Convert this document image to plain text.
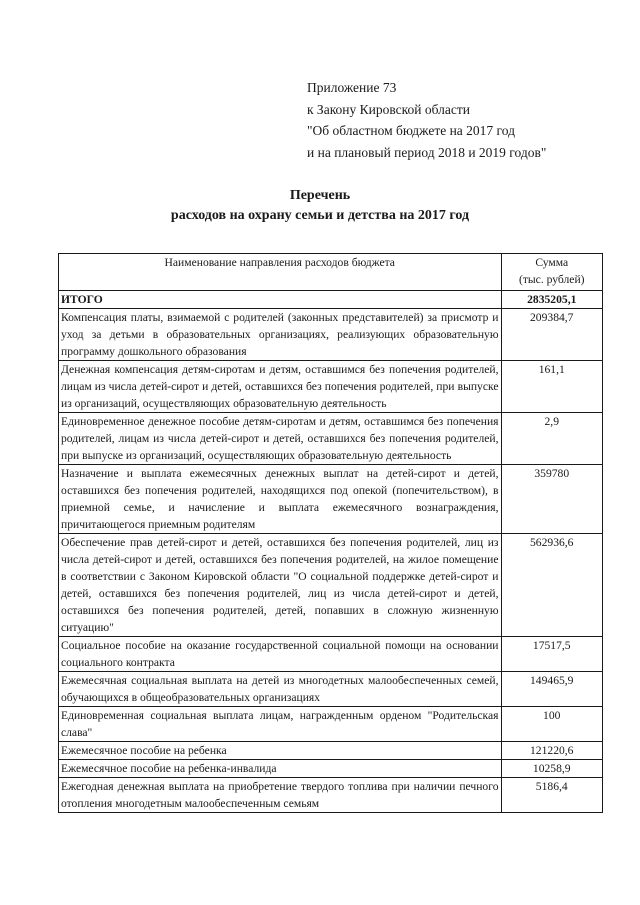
Приложение 73
к Закону Кировской области
"Об областном бюджете на 2017 год
и на плановый период 2018 и 2019 годов"
Перечень
расходов на охрану семьи и детства на 2017 год
Наименование направления расходов бюджета	Сумма
(тыс. рублей)

ИТОГО	2835205,1
Компенсация платы, взимаемой с родителей (законных представителей) за присмотр и уход за детьми в образовательных организациях, реализующих образовательную программу дошкольного образования	209384,7
Денежная компенсация детям-сиротам и детям, оставшимся без попечения родителей, лицам из числа детей-сирот и детей, оставшихся без попечения родителей, при выпуске из организаций, осуществляющих образовательную деятельность	161,1
Единовременное денежное пособие детям-сиротам и детям, оставшимся без попечения родителей, лицам из числа детей-сирот и детей, оставшихся без попечения родителей, при выпуске из организаций, осуществляющих образовательную деятельность	2,9
Назначение и выплата ежемесячных денежных выплат на детей-сирот и детей, оставшихся без попечения родителей, находящихся под опекой (попечительством), в приемной семье, и начисление и выплата ежемесячного вознаграждения, причитающегося приемным родителям	359780
Обеспечение прав детей-сирот и детей, оставшихся без попечения родителей, лиц из числа детей-сирот и детей, оставшихся без попечения родителей, на жилое помещение в соответствии с Законом Кировской области "О социальной поддержке детей-сирот и детей, оставшихся без попечения родителей, лиц из числа детей-сирот и детей, оставшихся без попечения родителей, детей, попавших в сложную жизненную ситуацию"	562936,6
Социальное пособие на оказание государственной социальной помощи на основании социального контракта	17517,5
Ежемесячная социальная выплата на детей из многодетных малообеспеченных семей, обучающихся в общеобразовательных организациях	149465,9
Единовременная социальная выплата лицам, награжденным орденом "Родительская слава"	100
Ежемесячное пособие на ребенка	121220,6
Ежемесячное пособие на ребенка-инвалида	10258,9
Ежегодная денежная выплата на приобретение твердого топлива при наличии печного отопления многодетным малообеспеченным семьям	5186,4
